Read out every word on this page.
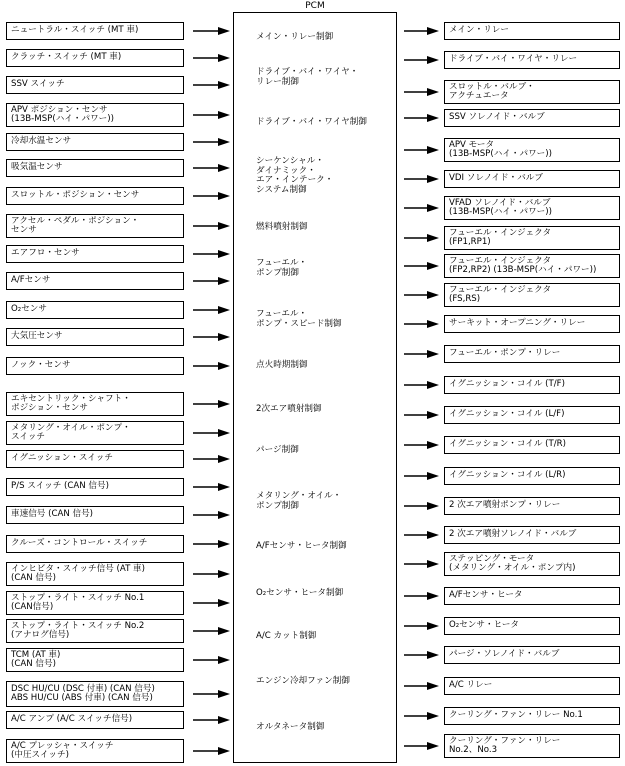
PCM
メイン・リレー制御
ドライブ・バイ・ワイヤ・
リレー制御
ドライブ・バイ・ワイヤ制御
シーケンシャル・
ダイナミック・
エア・インテーク・
システム制御
燃料噴射制御
フューエル・
ポンプ制御
フューエル・
ポンプ・スピード制御
点火時期制御
2次エア噴射制御
パージ制御
メタリング・オイル・
ポンプ制御
A/Fセンサ・ヒータ制御
O₂センサ・ヒータ制御
A/C カット制御
エンジン冷却ファン制御
オルタネータ制御
ニュートラル・スイッチ (MT 車)
クラッチ・スイッチ (MT 車)
SSV スイッチ
APV ポジション・センサ
(13B-MSP(ハイ・パワー))
冷却水温センサ
吸気温センサ
スロットル・ポジション・センサ
アクセル・ペダル・ポジション・
センサ
エアフロ・センサ
A/Fセンサ
O₂センサ
大気圧センサ
ノック・センサ
エキセントリック・シャフト・
ポジション・センサ
メタリング・オイル・ポンプ・
スイッチ
イグニッション・スイッチ
P/S スイッチ (CAN 信号)
車速信号 (CAN 信号)
クルーズ・コントロール・スイッチ
インヒビタ・スイッチ信号 (AT 車)
(CAN 信号)
ストップ・ライト・スイッチ No.1
(CAN信号)
ストップ・ライト・スイッチ No.2
(アナログ信号)
TCM (AT 車)
(CAN 信号)
DSC HU/CU (DSC 付車) (CAN 信号)
ABS HU/CU (ABS 付車) (CAN 信号)
A/C アンプ (A/C スイッチ信号)
A/C プレッシャ・スイッチ
(中圧スイッチ)
メイン・リレー
ドライブ・バイ・ワイヤ・リレー
スロットル・バルブ・
アクチュエータ
SSV ソレノイド・バルブ
APV モータ
(13B-MSP(ハイ・パワー))
VDI ソレノイド・バルブ
VFAD ソレノイド・バルブ
(13B-MSP(ハイ・パワー))
フューエル・インジェクタ
(FP1,RP1)
フューエル・インジェクタ
(FP2,RP2) (13B-MSP(ハイ・パワー))
フューエル・インジェクタ
(FS,RS)
サーキット・オープニング・リレー
フューエル・ポンプ・リレー
イグニッション・コイル (T/F)
イグニッション・コイル (L/F)
イグニッション・コイル (T/R)
イグニッション・コイル (L/R)
2 次エア噴射ポンプ・リレー
2 次エア噴射ソレノイド・バルブ
ステッピング・モータ
(メタリング・オイル・ポンプ内)
A/Fセンサ・ヒータ
O₂センサ・ヒータ
パージ・ソレノイド・バルブ
A/C リレー
クーリング・ファン・リレー No.1
クーリング・ファン・リレー
No.2、No.3
